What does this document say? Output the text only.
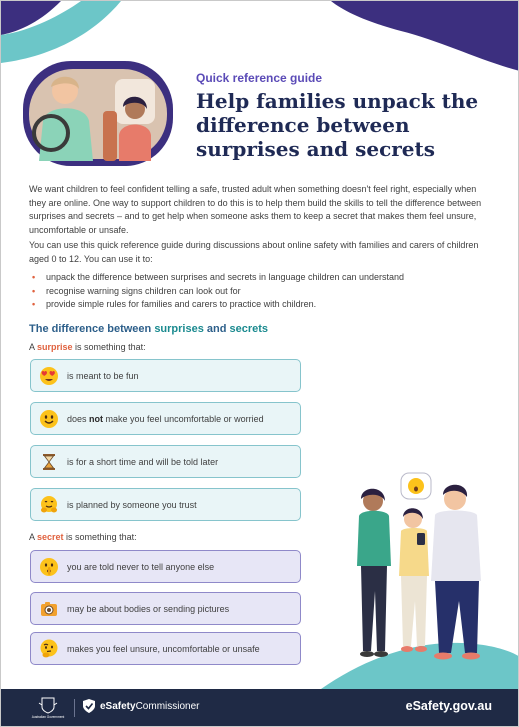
Quick reference guide
Help families unpack the difference between surprises and secrets

We want children to feel confident telling a safe, trusted adult when something doesn't feel right, especially when they are online. One way to support children to do this is to help them build the skills to tell the difference between surprises and secrets – and to get help when someone asks them to keep a secret that makes them feel unsure, uncomfortable or unsafe.

You can use this quick reference guide during discussions about online safety with families and carers of children aged 0 to 12. You can use it to:

• unpack the difference between surprises and secrets in language children can understand
• recognise warning signs children can look out for
• provide simple rules for families and carers to practice with children.
The difference between surprises and secrets
A surprise is something that:
is meant to be fun
does not make you feel uncomfortable or worried
is for a short time and will be told later
is planned by someone you trust
A secret is something that:
you are told never to tell anyone else
may be about bodies or sending pictures
makes you feel unsure, uncomfortable or unsafe
Australian Government
eSafetyCommissioner	eSafety.gov.au
